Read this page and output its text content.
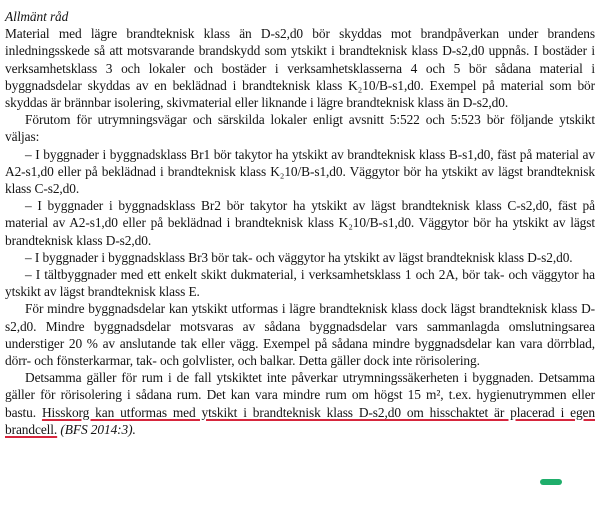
Allmänt råd

Material med lägre brandteknisk klass än D-s2,d0 bör skyddas mot brandpåverkan under brandens inledningsskede så att motsvarande brandskydd som ytskikt i brandteknisk klass D-s2,d0 uppnås. I bostäder i verksamhetsklass 3 och lokaler och bostäder i verksamhetsklasserna 4 och 5 bör sådana material i byggnadsdelar skyddas av en beklädnad i brandteknisk klass K₂10/B-s1,d0. Exempel på material som bör skyddas är brännbar isolering, skivmaterial eller liknande i lägre brandteknisk klass än D-s2,d0.

Förutom för utrymningsvägar och särskilda lokaler enligt avsnitt 5:522 och 5:523 bör följande ytskikt väljas:

– I byggnader i byggnadsklass Br1 bör takytor ha ytskikt av brandteknisk klass B-s1,d0, fäst på material av A2-s1,d0 eller på beklädnad i brandteknisk klass K₂10/B-s1,d0. Väggytor bör ha ytskikt av lägst brandteknisk klass C-s2,d0.

– I byggnader i byggnadsklass Br2 bör takytor ha ytskikt av lägst brandteknisk klass C-s2,d0, fäst på material av A2-s1,d0 eller på beklädnad i brandteknisk klass K₂10/B-s1,d0. Väggytor bör ha ytskikt av lägst brandteknisk klass D-s2,d0.

– I byggnader i byggnadsklass Br3 bör tak- och väggytor ha ytskikt av lägst brandteknisk klass D-s2,d0.

– I tältbyggnader med ett enkelt skikt dukmaterial, i verksamhetsklass 1 och 2A, bör tak- och väggytor ha ytskikt av lägst brandteknisk klass E.

För mindre byggnadsdelar kan ytskikt utformas i lägre brandteknisk klass dock lägst brandteknisk klass D-s2,d0. Mindre byggnadsdelar motsvaras av sådana byggnadsdelar vars sammanlagda omslutningsarea understiger 20 % av anslutande tak eller vägg. Exempel på sådana mindre byggnadsdelar kan vara dörrblad, dörr- och fönsterkarmar, tak- och golvlister, och balkar. Detta gäller dock inte rörisolering.

Detsamma gäller för rum i de fall ytskiktet inte påverkar utrymningssäkerheten i byggnaden. Detsamma gäller för rörisolering i sådana rum. Det kan vara mindre rum om högst 15 m², t.ex. hygienutrymmen eller bastu. Hisskorg kan utformas med ytskikt i brandteknisk klass D-s2,d0 om hisschaktet är placerad i egen brandcell. (BFS 2014:3).
